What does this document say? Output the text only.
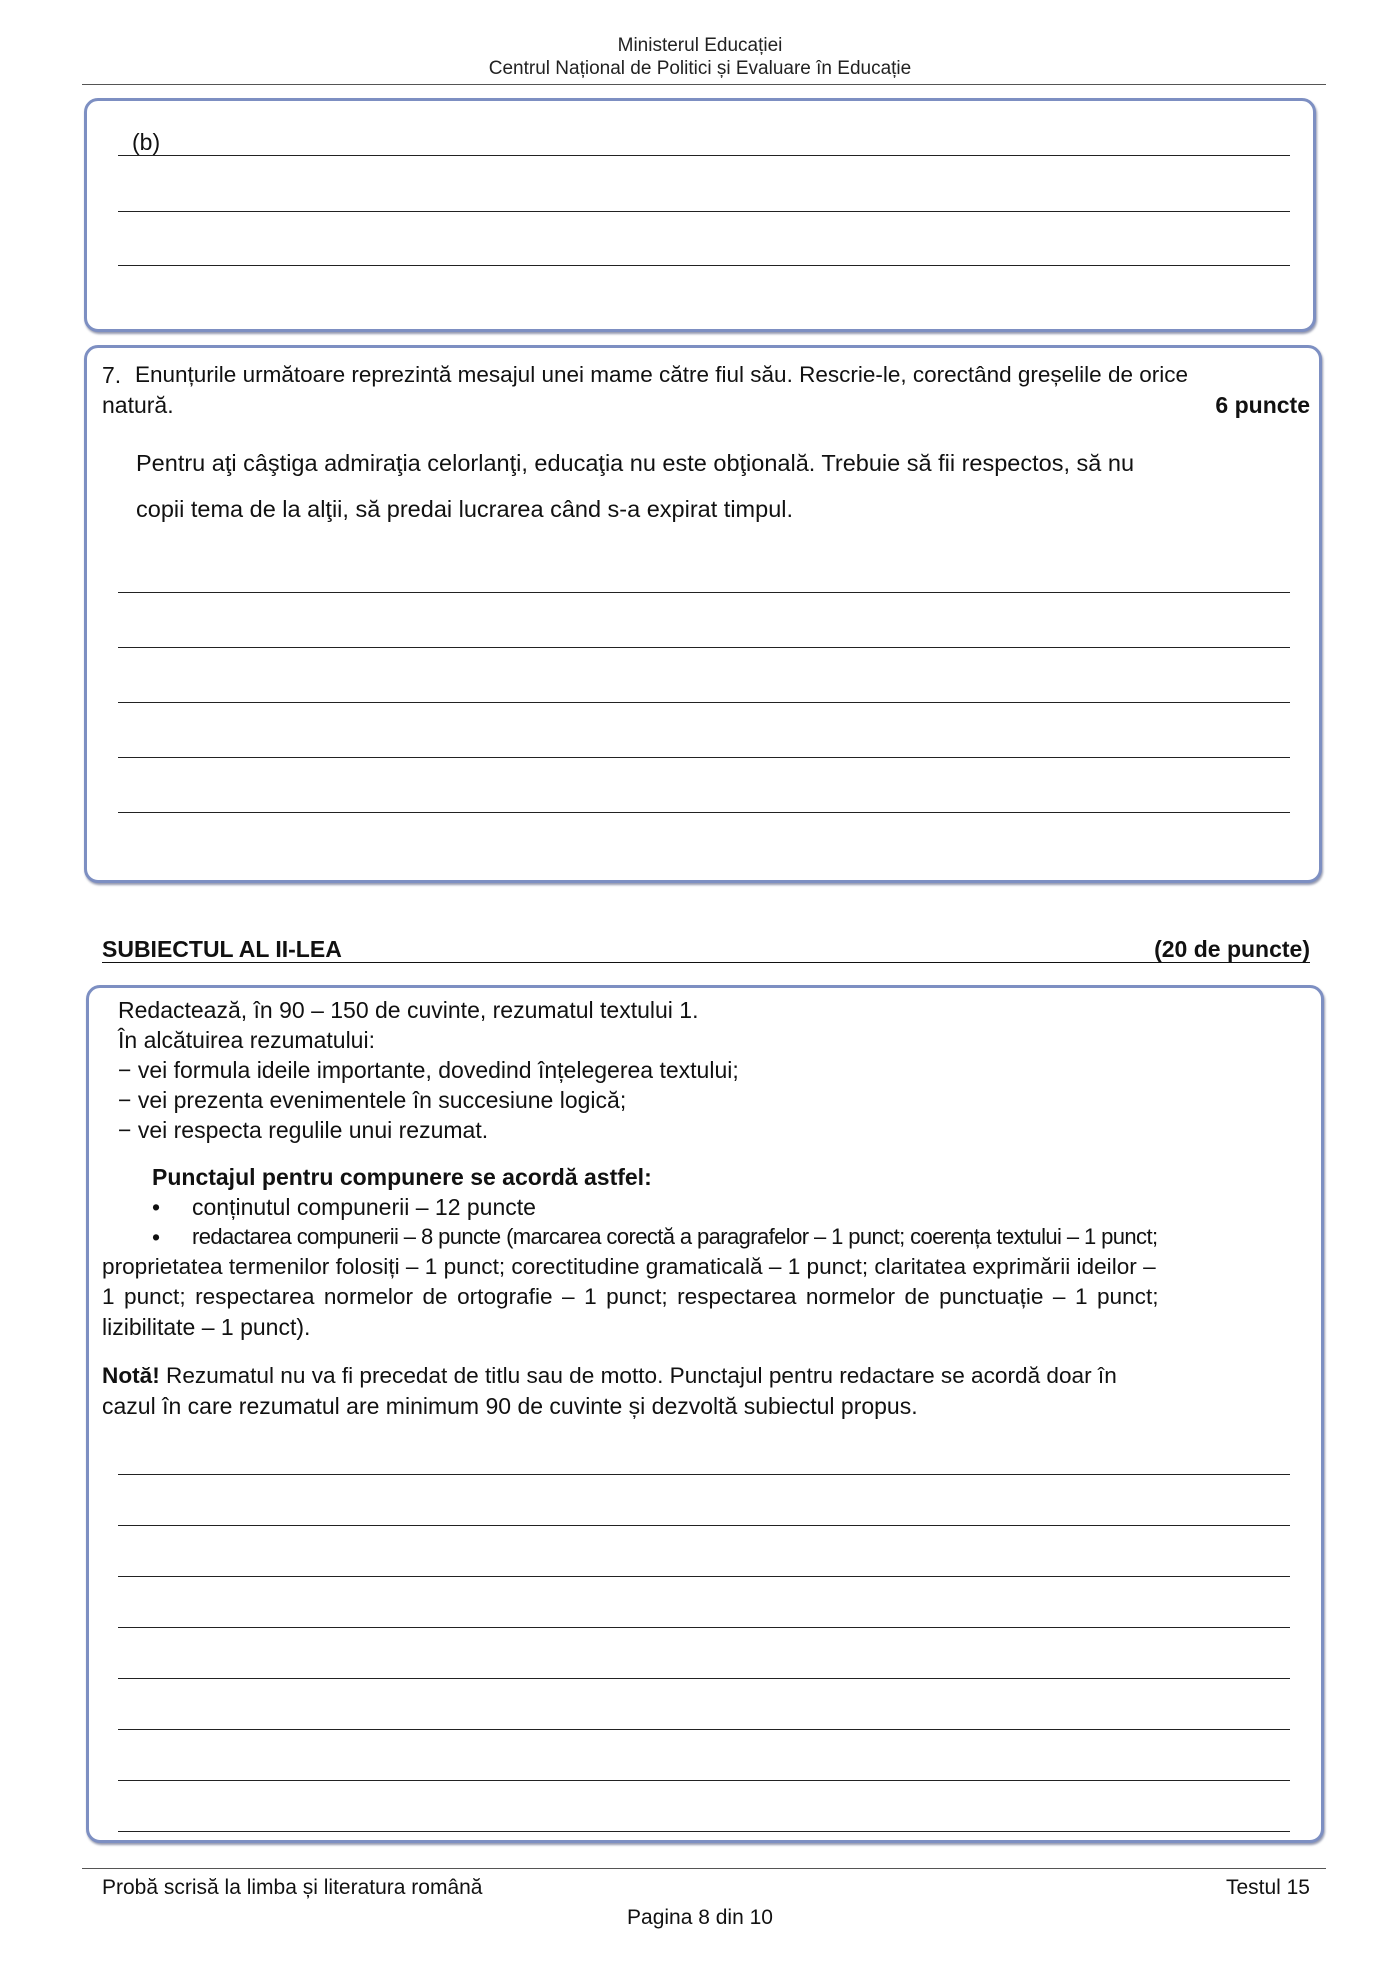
Ministerul Educației
Centrul Național de Politici și Evaluare în Educație
(b)
7. Enunțurile următoare reprezintă mesajul unei mame către fiul său. Rescrie-le, corectând greșelile de orice
natură.	6 puncte
Pentru aţi câştiga admiraţia celorlanţi, educaţia nu este obţională. Trebuie să fii respectos, să nu
copii tema de la alţii, să predai lucrarea când s-a expirat timpul.
SUBIECTUL AL II-LEA	(20 de puncte)
Redactează, în 90 – 150 de cuvinte, rezumatul textului 1.
În alcătuirea rezumatului:
− vei formula ideile importante, dovedind înțelegerea textului;
− vei prezenta evenimentele în succesiune logică;
− vei respecta regulile unui rezumat.
Punctajul pentru compunere se acordă astfel:
• conținutul compunerii – 12 puncte
• redactarea compunerii – 8 puncte (marcarea corectă a paragrafelor – 1 punct; coerența textului – 1 punct;
proprietatea termenilor folosiți – 1 punct; corectitudine gramaticală – 1 punct; claritatea exprimării ideilor –
1 punct; respectarea normelor de ortografie – 1 punct; respectarea normelor de punctuație – 1 punct;
lizibilitate – 1 punct).
Notă! Rezumatul nu va fi precedat de titlu sau de motto. Punctajul pentru redactare se acordă doar în
cazul în care rezumatul are minimum 90 de cuvinte și dezvoltă subiectul propus.
Probă scrisă la limba și literatura română	Testul 15
Pagina 8 din 10
